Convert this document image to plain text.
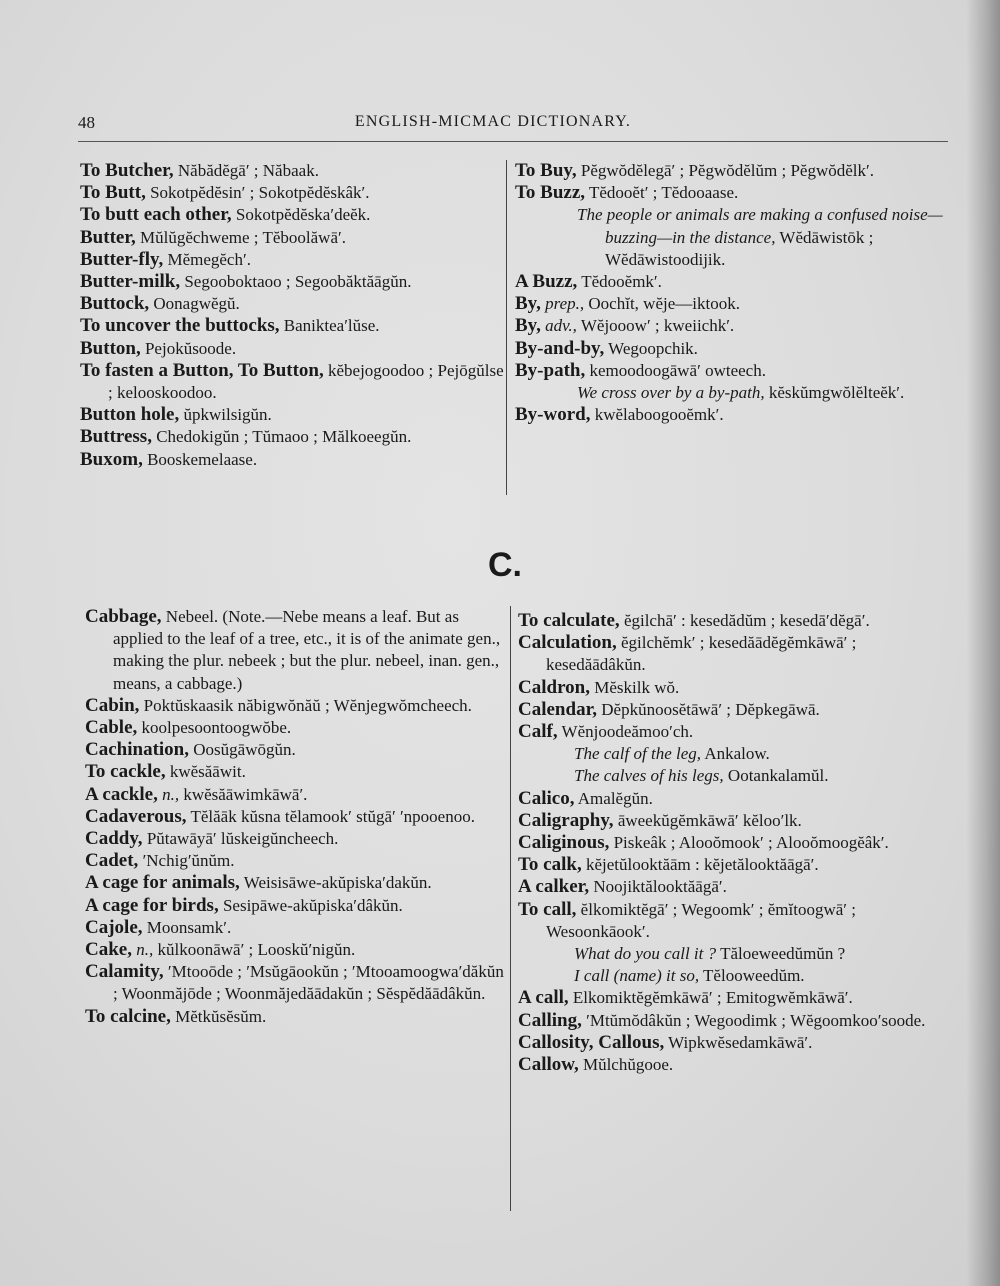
48	ENGLISH-MICMAC DICTIONARY.

To Butcher, Năbădĕgā′ ; Năbaak.

To Butt, Sokotpĕdĕsin′ ; Sokotpĕdĕskâk′.

To butt each other, Sokotpĕdĕska′deĕk.

Butter, Mŭlŭgĕchweme ; Tĕboolăwā′.

Butter-fly, Mĕmegĕch′.

Butter-milk, Segooboktaoo ; Segoobăktăāgŭn.

Buttock, Oonagwĕgŭ.

To uncover the buttocks, Baniktea′lŭse.

Button, Pejokŭsoode.

To fasten a Button, To Button, kĕbejogoodoo ; Pejōgŭlse ; kelooskoodoo.

Button hole, ŭpkwilsigŭn.

Buttress, Chedokigŭn ; Tŭmaoo ; Mălkoeegŭn.

Buxom, Booskemelaase.

To Buy, Pĕgwŏdĕlegā′ ; Pĕgwŏdĕlŭm ; Pĕgwŏdĕlk′.

To Buzz, Tĕdooĕt′ ; Tĕdooaase.

The people or animals are making a confused noise—buzzing—in the distance, Wĕdāwistōk ; Wĕdāwistoodijik.

A Buzz, Tĕdooĕmk′.

By, prep., Oochĭt, wĕje—iktook.

By, adv., Wĕjooow′ ; kweiichk′.

By-and-by, Wegoopchik.

By-path, kemoodoogāwā′ owteech.

We cross over by a by-path, kĕskŭmgwŏlĕlteĕk′.

By-word, kwĕlaboogooĕmk′.

C.

Cabbage, Nebeel. (Note.—Nebe means a leaf. But as applied to the leaf of a tree, etc., it is of the animate gen., making the plur. nebeek ; but the plur. nebeel, inan. gen., means, a cabbage.)

Cabin, Poktŭskaasik năbigwŏnăŭ ; Wĕnjegwŏmcheech.

Cable, koolpesoontoogwŏbe.

Cachination, Oosŭgāwōgŭn.

To cackle, kwĕsăāwit.

A cackle, n., kwĕsăāwimkāwā′.

Cadaverous, Tĕlăāk kŭsna tĕlamook′ stŭgā′ ′npooenoo.

Caddy, Pŭtawāyā′ lŭskeigŭncheech.

Cadet, ′Nchig′ŭnŭm.

A cage for animals, Weisisāwe-akŭpiska′dakŭn.

A cage for birds, Sesipāwe-akŭpiska′dâkŭn.

Cajole, Moonsamk′.

Cake, n., kŭlkoonāwā′ ; Looskŭ′nigŭn.

Calamity, ′Mtooōde ; ′Msŭgāookŭn ; ′Mtooamoogwa′dăkŭn ; Woonmăjōde ; Woonmăjedăādakŭn ; Sĕspĕdăādâkŭn.

To calcine, Mĕtkŭsĕsŭm.

To calculate, ĕgilchā′ : kesedădŭm ; kesedā′dĕgā′.

Calculation, ĕgilchĕmk′ ; kesedăādĕgĕmkāwā′ ; kesedăādâkŭn.

Caldron, Mĕskilk wŏ.

Calendar, Dĕpkŭnoosĕtāwā′ ; Dĕpkegāwā.

Calf, Wĕnjoodeămoo′ch.

The calf of the leg, Ankalow.

The calves of his legs, Ootankalamŭl.

Calico, Amalĕgŭn.

Caligraphy, āweekŭgĕmkāwā′ kĕloo′lk.

Caliginous, Piskeâk ; Alooŏmook′ ; Alooŏmoogĕâk′.

To calk, kĕjetŭlooktăām : kĕjetălooktăāgā′.

A calker, Noojiktălooktăāgā′.

To call, ĕlkomiktĕgā′ ; Wegoomk′ ; ĕmĭtoogwā′ ; Wesoonkāook′.

What do you call it ? Tăloeweedŭmŭn ?

I call (name) it so, Tĕlooweedŭm.

A call, Elkomiktĕgĕmkāwā′ ; Emitogwĕmkāwā′.

Calling, ′Mtŭmŏdâkŭn ; Wegoodimk ; Wĕgoomkoo′soode.

Callosity, Callous, Wipkwĕsedamkāwā′.

Callow, Mŭlchŭgooe.
